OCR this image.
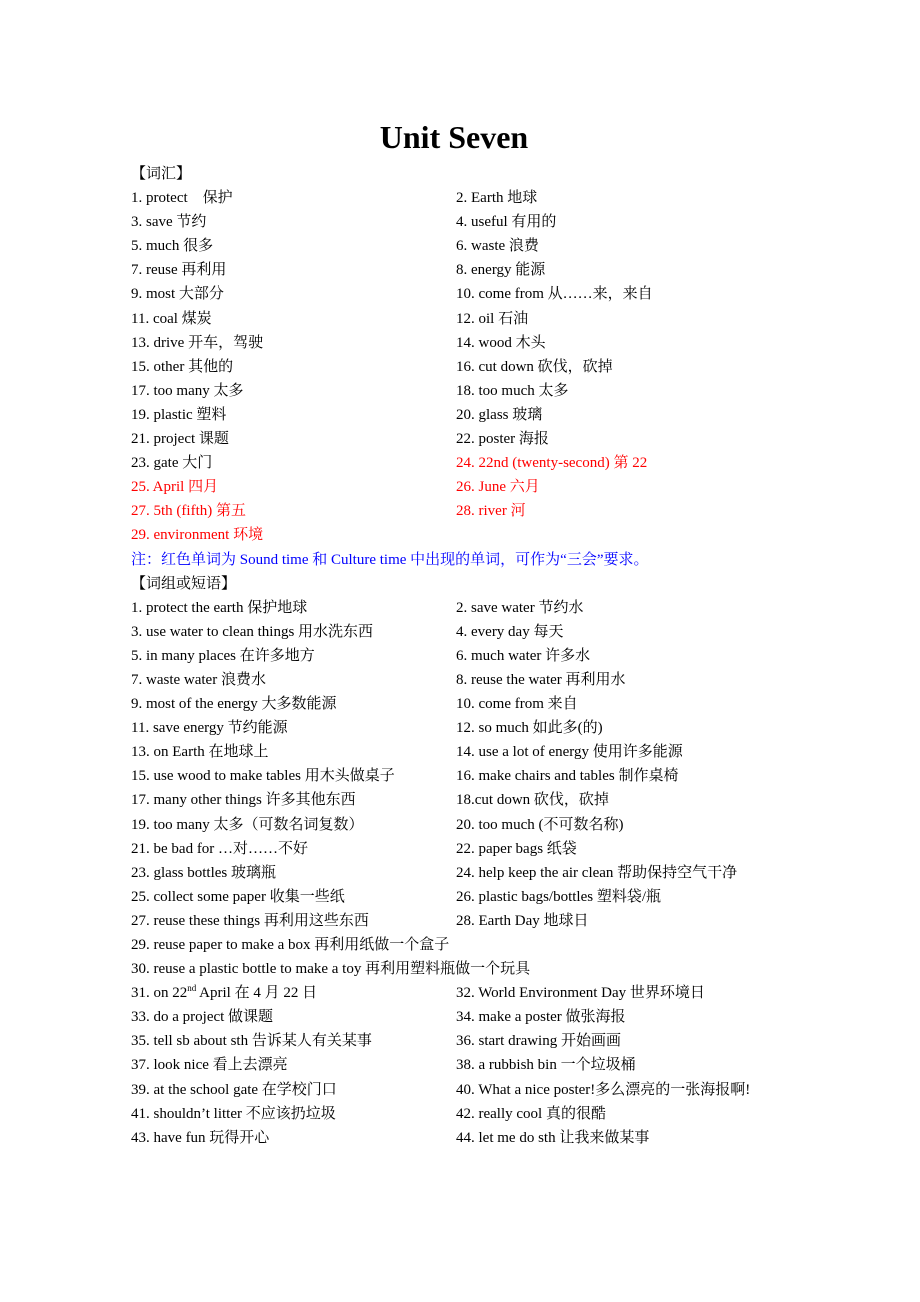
Unit Seven
【词汇】
1. protect　保护	2. Earth 地球
3. save 节约	4. useful 有用的
5. much 很多	6. waste 浪费
7. reuse 再利用	8. energy 能源
9. most 大部分	10. come from 从……来，来自
11. coal 煤炭	12. oil 石油
13. drive 开车，驾驶	14. wood 木头
15. other 其他的	16. cut down 砍伐，砍掉
17. too many 太多	18. too much 太多
19. plastic 塑料	20. glass 玻璃
21. project 课题	22. poster 海报
23. gate 大门	24. 22nd (twenty-second) 第 22
25. April 四月	26. June 六月
27. 5th (fifth) 第五	28. river 河
29. environment 环境
注：红色单词为 Sound time 和 Culture time 中出现的单词，可作为“三会”要求。
【词组或短语】
1. protect the earth 保护地球	2. save water 节约水
3. use water to clean things 用水洗东西	4. every day 每天
5. in many places 在许多地方	6. much water 许多水
7. waste water 浪费水	8. reuse the water 再利用水
9. most of the energy 大多数能源	10. come from 来自
11. save energy 节约能源	12. so much 如此多(的)
13. on Earth 在地球上	14. use a lot of energy 使用许多能源
15. use wood to make tables 用木头做桌子	16. make chairs and tables 制作桌椅
17. many other things 许多其他东西	18.cut down 砍伐，砍掉
19. too many 太多（可数名词复数）	20. too much (不可数名称)
21. be bad for …对……不好	22. paper bags 纸袋
23. glass bottles 玻璃瓶	24. help keep the air clean 帮助保持空气干净
25. collect some paper 收集一些纸	26. plastic bags/bottles 塑料袋/瓶
27. reuse these things 再利用这些东西	28. Earth Day 地球日
29. reuse paper to make a box 再利用纸做一个盒子
30. reuse a plastic bottle to make a toy 再利用塑料瓶做一个玩具
31. on 22nd April 在 4 月 22 日	32. World Environment Day 世界环境日
33. do a project 做课题	34. make a poster 做张海报
35. tell sb about sth 告诉某人有关某事	36. start drawing 开始画画
37. look nice 看上去漂亮	38. a rubbish bin 一个垃圾桶
39. at the school gate 在学校门口	40. What a nice poster!多么漂亮的一张海报啊!
41. shouldn’t litter 不应该扔垃圾	42. really cool 真的很酷
43. have fun 玩得开心	44. let me do sth 让我来做某事
